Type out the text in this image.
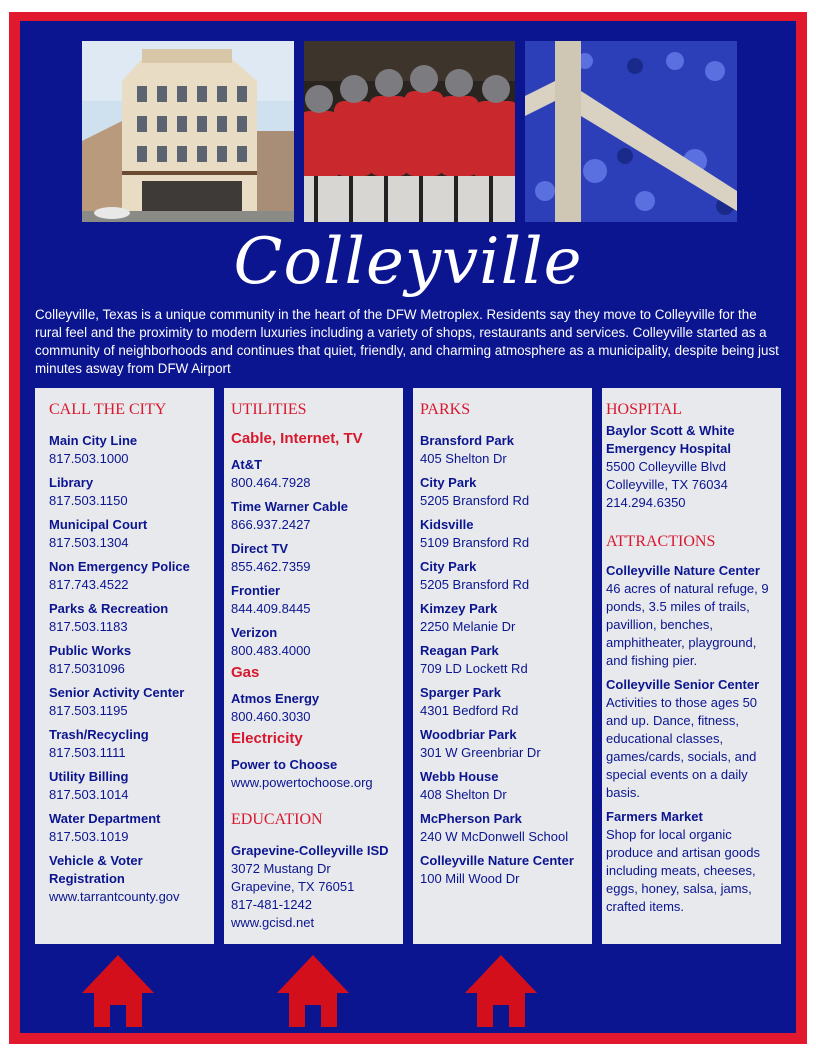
Colleyville
Colleyville, Texas is a unique community in the heart of the DFW Metroplex. Residents say they move to Colleyville for the rural feel and the proximity to modern luxuries including a variety of shops, restaurants and services. Colleyville started as a community of neighborhoods and continues that quiet, friendly, and charming atmosphere as a municipality, despite being just minutes asway from DFW Airport
CALL THE CITY
Main City Line
817.503.1000
Library
817.503.1150
Municipal Court
817.503.1304
Non Emergency Police
817.743.4522
Parks & Recreation
817.503.1183
Public Works
817.5031096
Senior Activity Center
817.503.1195
Trash/Recycling
817.503.1111
Utility Billing
817.503.1014
Water Department
817.503.1019
Vehicle & Voter Registration
www.tarrantcounty.gov
UTILITIES
Cable, Internet, TV
At&T
800.464.7928
Time Warner Cable
866.937.2427
Direct TV
855.462.7359
Frontier
844.409.8445
Verizon
800.483.4000
Gas
Atmos Energy
800.460.3030
Electricity
Power to Choose
www.powertochoose.org
EDUCATION
Grapevine-Colleyville ISD
3072 Mustang Dr
Grapevine, TX 76051
817-481-1242
www.gcisd.net
PARKS
Bransford Park
405 Shelton Dr
City Park
5205 Bransford Rd
Kidsville
5109 Bransford Rd
City Park
5205 Bransford Rd
Kimzey Park
2250 Melanie Dr
Reagan Park
709 LD Lockett Rd
Sparger Park
4301 Bedford Rd
Woodbriar Park
301 W Greenbriar Dr
Webb House
408 Shelton Dr
McPherson Park
240 W McDonwell School
Colleyville Nature Center
100 Mill Wood Dr
HOSPITAL
Baylor Scott & White Emergency Hospital
5500 Colleyville Blvd
Colleyville, TX 76034
214.294.6350
ATTRACTIONS
Colleyville Nature Center
46 acres of natural refuge, 9 ponds, 3.5 miles of trails, pavillion, benches, amphitheater, playground, and fishing pier.
Colleyville Senior Center
Activities to those ages 50 and up. Dance, fitness, educational classes, games/cards, socials, and special events on a daily basis.
Farmers Market
Shop for local organic produce and artisan goods including meats, cheeses, eggs, honey, salsa, jams, crafted items.
